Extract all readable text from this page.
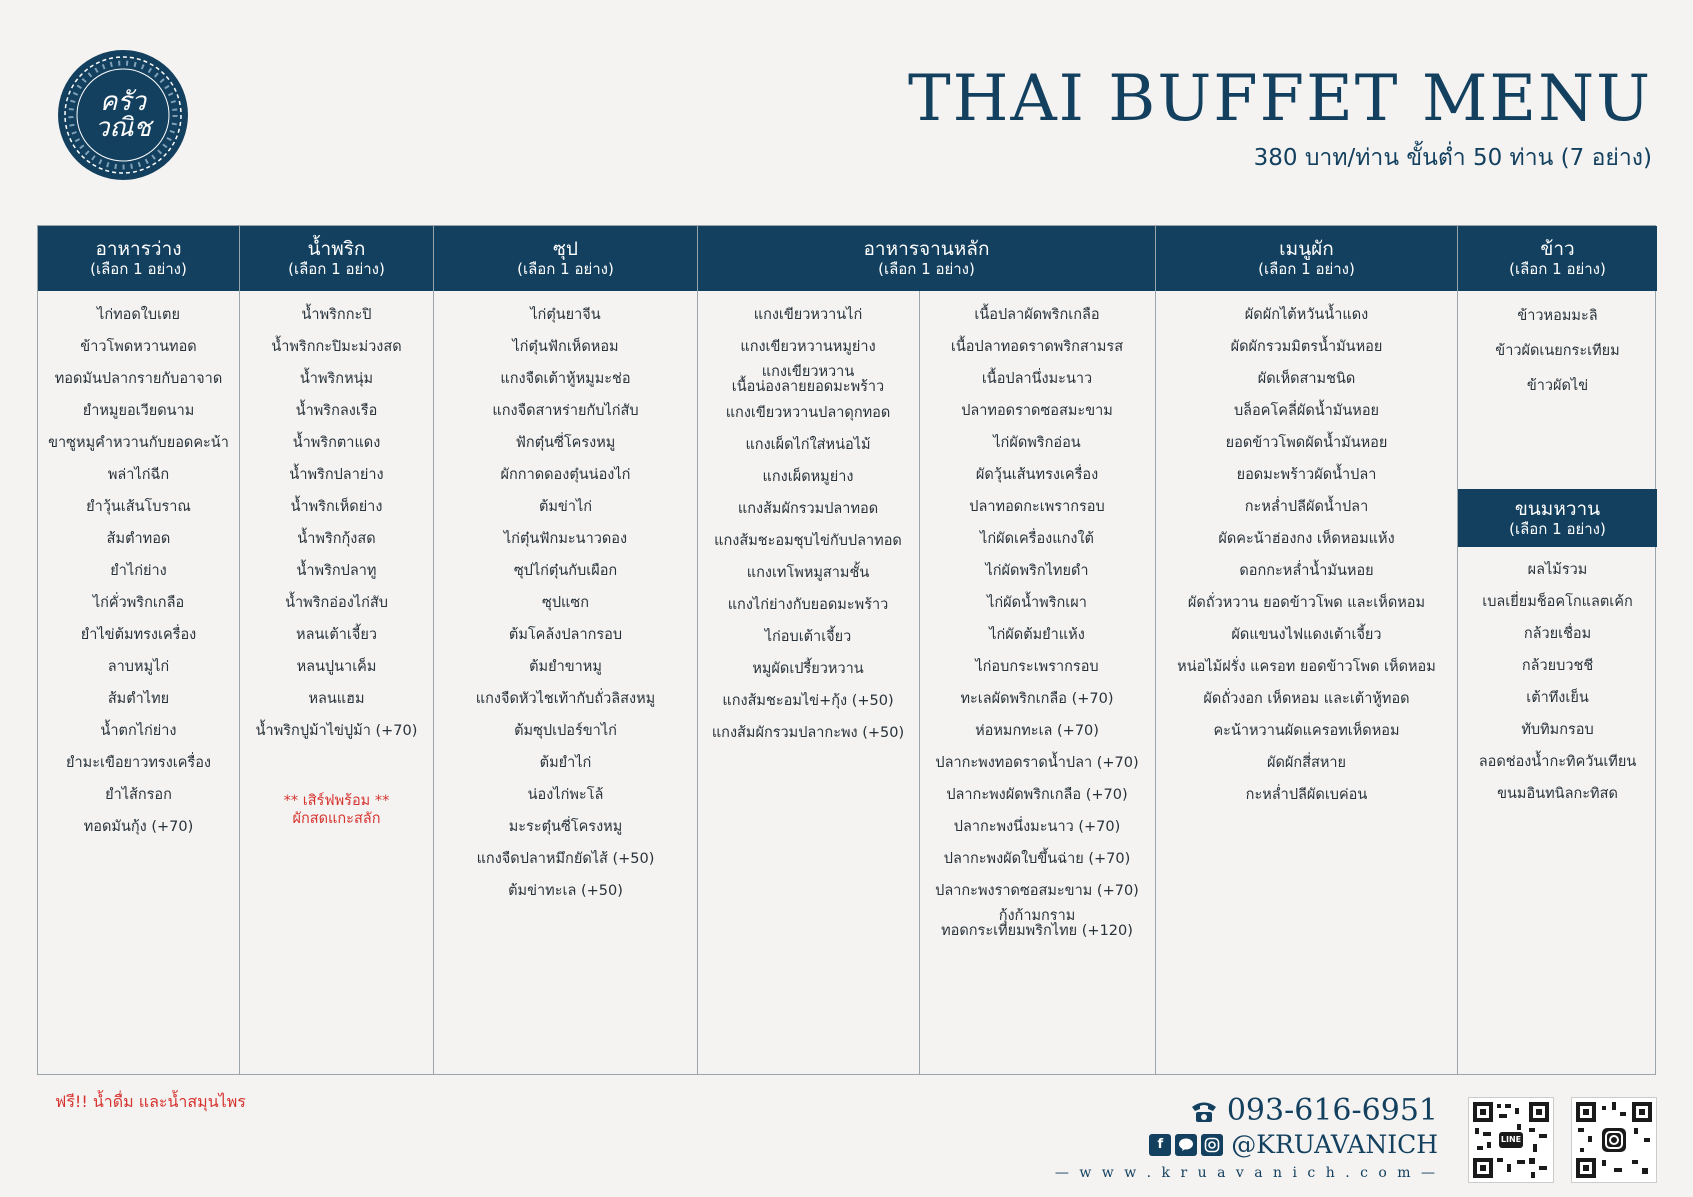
ครัววณิช	THAI BUFFET MENU
380 บาท/ท่าน ขั้นต่ำ 50 ท่าน (7 อย่าง)
อาหารว่าง
(เลือก 1 อย่าง)
ไก่ทอดใบเตย
ข้าวโพดหวานทอด
ทอดมันปลากรายกับอาจาด
ยำหมูยอเวียดนาม
ขาซูหมูคำหวานกับยอดคะน้า
พล่าไก่ฉีก
ยำวุ้นเส้นโบราณ
ส้มตำทอด
ยำไก่ย่าง
ไก่คั่วพริกเกลือ
ยำไข่ต้มทรงเครื่อง
ลาบหมูไก่
ส้มตำไทย
น้ำตกไก่ย่าง
ยำมะเขือยาวทรงเครื่อง
ยำไส้กรอก
ทอดมันกุ้ง (+70)
น้ำพริก
(เลือก 1 อย่าง)
น้ำพริกกะปิ
น้ำพริกกะปิมะม่วงสด
น้ำพริกหนุ่ม
น้ำพริกลงเรือ
น้ำพริกตาแดง
น้ำพริกปลาย่าง
น้ำพริกเห็ดย่าง
น้ำพริกกุ้งสด
น้ำพริกปลาทู
น้ำพริกอ่องไก่สับ
หลนเต้าเจี้ยว
หลนปูนาเค็ม
หลนแฮม
น้ำพริกปูม้าไข่ปูม้า (+70)
** เสิร์ฟพร้อม **
ผักสดแกะสลัก
ซุป
(เลือก 1 อย่าง)
ไก่ตุ๋นยาจีน
ไก่ตุ๋นฟักเห็ดหอม
แกงจืดเต้าหู้หมูมะช่อ
แกงจืดสาหร่ายกับไก่สับ
ฟักตุ๋นซี่โครงหมู
ผักกาดดองตุ๋นน่องไก่
ต้มข่าไก่
ไก่ตุ๋นฟักมะนาวดอง
ซุปไก่ตุ๋นกับเผือก
ซุปแซก
ต้มโคล้งปลากรอบ
ต้มยำขาหมู
แกงจืดหัวไชเท้ากับถั่วลิสงหมู
ต้มซุปเปอร์ขาไก่
ต้มยำไก่
น่องไก่พะโล้
มะระตุ๋นซี่โครงหมู
แกงจืดปลาหมึกยัดไส้ (+50)
ต้มข่าทะเล (+50)
อาหารจานหลัก
(เลือก 1 อย่าง)
แกงเขียวหวานไก่
แกงเขียวหวานหมูย่าง
แกงเขียวหวาน
เนื้อน่องลายยอดมะพร้าว
แกงเขียวหวานปลาดุกทอด
แกงเผ็ดไก่ใส่หน่อไม้
แกงเผ็ดหมูย่าง
แกงส้มผักรวมปลาทอด
แกงส้มชะอมชุบไข่กับปลาทอด
แกงเทโพหมูสามชั้น
แกงไก่ย่างกับยอดมะพร้าว
ไก่อบเต้าเจี้ยว
หมูผัดเปรี้ยวหวาน
แกงส้มชะอมไข่+กุ้ง (+50)
แกงส้มผักรวมปลากะพง (+50)
เนื้อปลาผัดพริกเกลือ
เนื้อปลาทอดราดพริกสามรส
เนื้อปลานึ่งมะนาว
ปลาทอดราดซอสมะขาม
ไก่ผัดพริกอ่อน
ผัดวุ้นเส้นทรงเครื่อง
ปลาทอดกะเพรากรอบ
ไก่ผัดเครื่องแกงใต้
ไก่ผัดพริกไทยดำ
ไก่ผัดน้ำพริกเผา
ไก่ผัดต้มยำแห้ง
ไก่อบกระเพรากรอบ
ทะเลผัดพริกเกลือ (+70)
ห่อหมกทะเล (+70)
ปลากะพงทอดราดน้ำปลา (+70)
ปลากะพงผัดพริกเกลือ (+70)
ปลากะพงนึ่งมะนาว (+70)
ปลากะพงผัดใบขึ้นฉ่าย (+70)
ปลากะพงราดซอสมะขาม (+70)
กุ้งก้ามกราม
ทอดกระเทียมพริกไทย (+120)
เมนูผัก
(เลือก 1 อย่าง)
ผัดผักไต้หวันน้ำแดง
ผัดผักรวมมิตรน้ำมันหอย
ผัดเห็ดสามชนิด
บล็อคโคลี่ผัดน้ำมันหอย
ยอดข้าวโพดผัดน้ำมันหอย
ยอดมะพร้าวผัดน้ำปลา
กะหล่ำปลีผัดน้ำปลา
ผัดคะน้าฮ่องกง เห็ดหอมแห้ง
ดอกกะหล่ำน้ำมันหอย
ผัดถั่วหวาน ยอดข้าวโพด และเห็ดหอม
ผัดแขนงไฟแดงเต้าเจี้ยว
หน่อไม้ฝรั่ง แครอท ยอดข้าวโพด เห็ดหอม
ผัดถั่วงอก เห็ดหอม และเต้าหู้ทอด
คะน้าหวานผัดแครอทเห็ดหอม
ผัดผักสี่สหาย
กะหล่ำปลีผัดเบค่อน
ข้าว
(เลือก 1 อย่าง)
ข้าวหอมมะลิ
ข้าวผัดเนยกระเทียม
ข้าวผัดไข่
ขนมหวาน
(เลือก 1 อย่าง)
ผลไม้รวม
เบลเยี่ยมช็อคโกแลตเค้ก
กล้วยเชื่อม
กล้วยบวชชี
เต้าทึงเย็น
ทับทิมกรอบ
ลอดช่องน้ำกะทิควันเทียน
ขนมอินทนิลกะทิสด
ฟรี!! น้ำดื่ม และน้ำสมุนไพร	093-616-6951
f	@KRUAVANICH
— w w w . k r u a v a n i c h . c o m —
LINE
